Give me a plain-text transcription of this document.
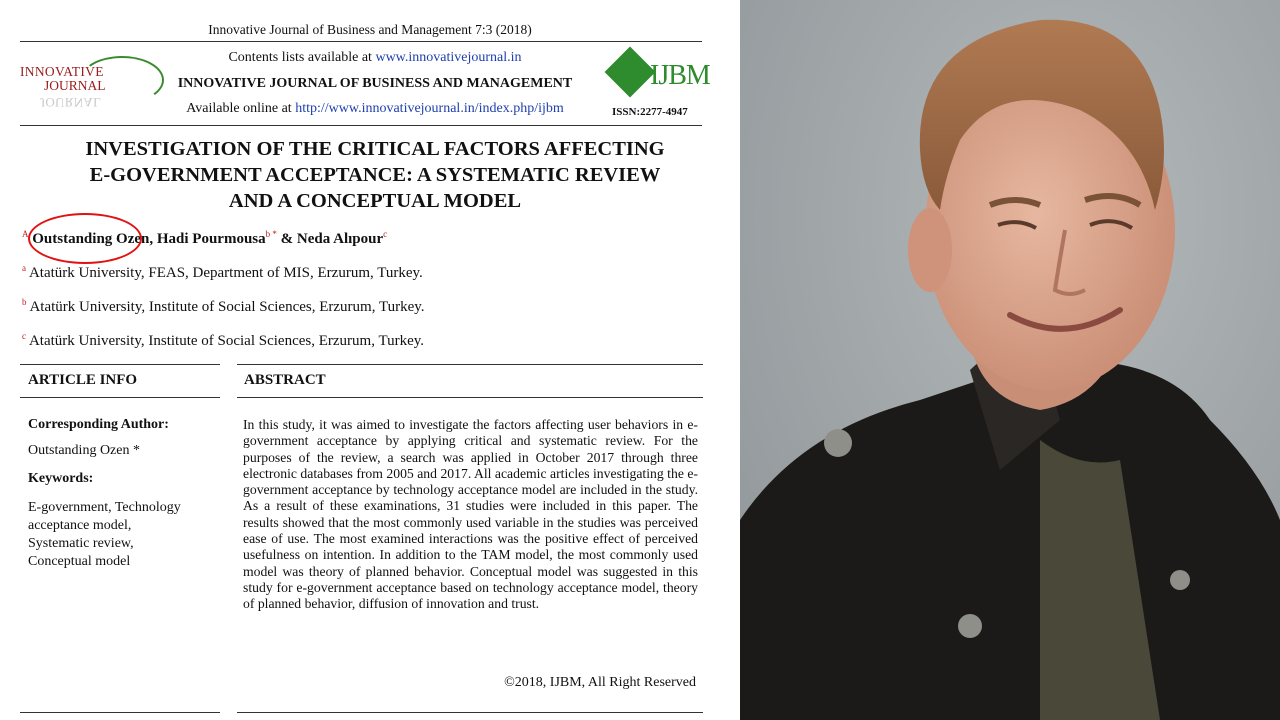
Innovative Journal of Business and Management 7:3 (2018)
INNOVATIVE
JOURNAL
JOURNAL
Contents lists available at www.innovativejournal.in
INNOVATIVE JOURNAL OF BUSINESS AND MANAGEMENT
Available online at http://www.innovativejournal.in/index.php/ijbm
IJBM
ISSN:2277-4947
INVESTIGATION OF THE CRITICAL FACTORS AFFECTING
E-GOVERNMENT ACCEPTANCE: A SYSTEMATIC REVIEW
AND A CONCEPTUAL MODEL
$^A$ Outstanding Ozen, Hadi Pourmousa$^{b *}$ & Neda Alıpour$^c$
$^a$ Atatürk University, FEAS, Department of MIS, Erzurum, Turkey.
$^b$ Atatürk University, Institute of Social Sciences, Erzurum, Turkey.
$^c$ Atatürk University, Institute of Social Sciences, Erzurum, Turkey.
ARTICLE INFO	ABSTRACT
Corresponding Author:
Outstanding Ozen *
Keywords:
E-government, Technology
acceptance model,
Systematic review,
Conceptual model
In this study, it was aimed to investigate the factors affecting user behaviors in e-government acceptance by applying critical and systematic review. For the purposes of the review, a search was applied in October 2017 through three electronic databases from 2005 and 2017. All academic articles investigating the e-government acceptance by technology acceptance model are included in the study. As a result of these examinations, 31 studies were included in this paper. The results showed that the most commonly used variable in the studies was perceived ease of use. The most examined interactions was the positive effect of perceived usefulness on intention. In addition to the TAM model, the most commonly used model was theory of planned behavior. Conceptual model was suggested in this study for e-government acceptance based on technology acceptance model, theory of planned behavior, diffusion of innovation and trust.
©2018, IJBM, All Right Reserved
